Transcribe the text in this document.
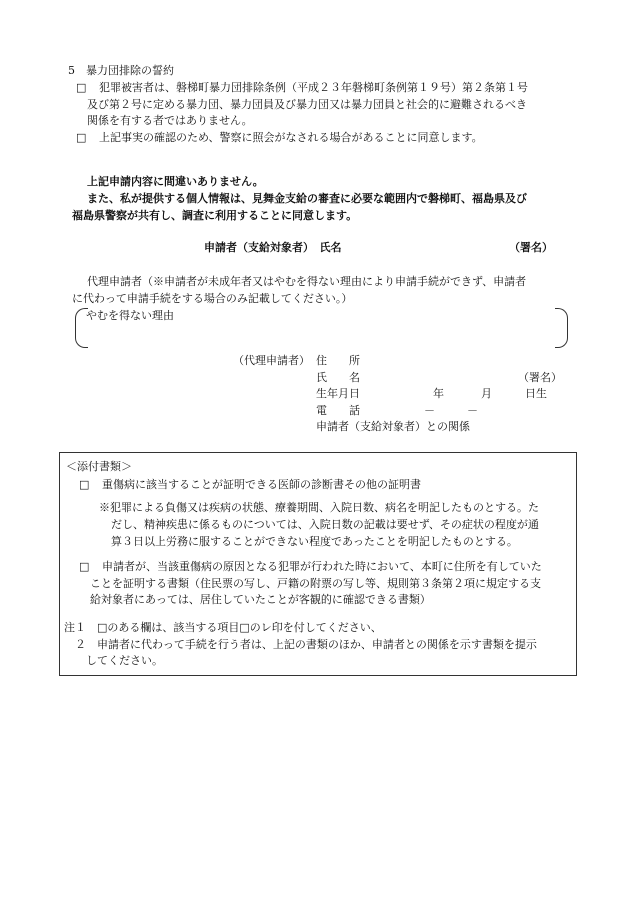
5　暴力団排除の誓約
□ 犯罪被害者は、磐梯町暴力団排除条例（平成２３年磐梯町条例第１９号）第２条第１号
及び第２号に定める暴力団、暴力団員及び暴力団又は暴力団員と社会的に避難されるべき
関係を有する者ではありません。
□ 上記事実の確認のため、警察に照会がなされる場合があることに同意します。
上記申請内容に間違いありません。
また、私が提供する個人情報は、見舞金支給の審査に必要な範囲内で磐梯町、福島県及び
福島県警察が共有し、調査に利用することに同意します。
申請者（支給対象者）　氏名	（署名）
代理申請者（※申請者が未成年者又はやむを得ない理由により申請手続ができず、申請者
に代わって申請手続をする場合のみ記載してください。）
やむを得ない理由
（代理申請者） 住　　所
氏　　名	（署名）
生年月日	年	月	日生
電　　話	－	－
申請者（支給対象者）との関係
＜添付書類＞
□ 重傷病に該当することが証明できる医師の診断書その他の証明書
※犯罪による負傷又は疾病の状態、療養期間、入院日数、病名を明記したものとする。た
だし、精神疾患に係るものについては、入院日数の記載は要せず、その症状の程度が通
算３日以上労務に服することができない程度であったことを明記したものとする。
□ 申請者が、当該重傷病の原因となる犯罪が行われた時において、本町に住所を有していた
ことを証明する書類（住民票の写し、戸籍の附票の写し等、規則第３条第２項に規定する支
給対象者にあっては、居住していたことが客観的に確認できる書類）
注１　□のある欄は、該当する項目□のレ印を付してください、
　２　申請者に代わって手続を行う者は、上記の書類のほか、申請者との関係を示す書類を提示
　　してください。
